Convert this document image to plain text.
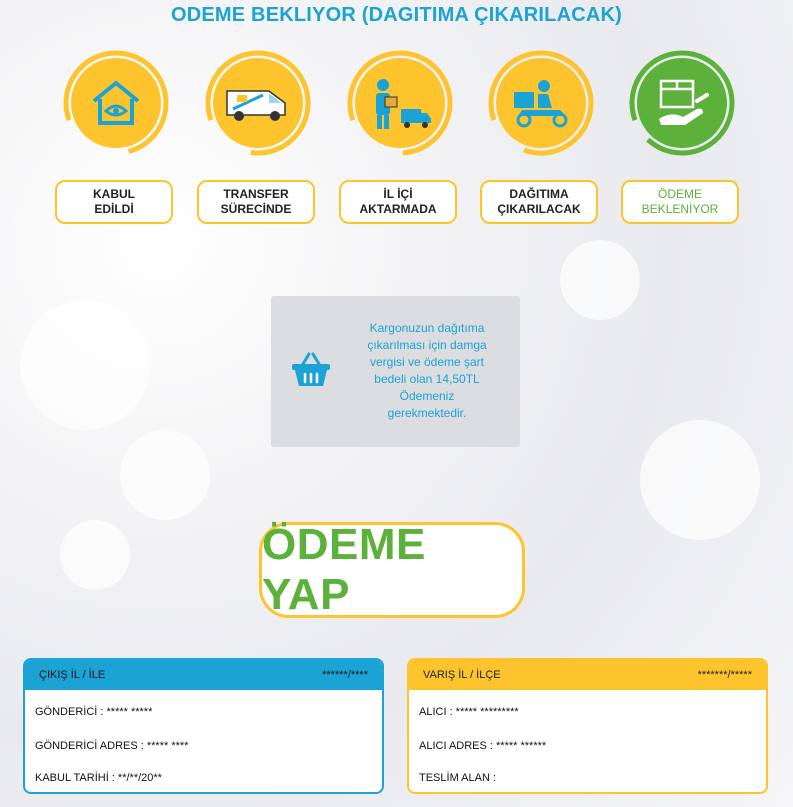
ODEME BEKLIYOR (DAGITIMA ÇIKARILACAK)
KABUL
EDİLDİ
TRANSFER
SÜRECİNDE
İL İÇİ
AKTARMADA
DAĞITIMA
ÇIKARILACAK
ÖDEME
BEKLENİYOR
Kargonuzun dağıtıma
çıkarılması için damga
vergisi ve ödeme şart
bedeli olan 14,50TL
Ödemeniz
gerekmektedir.
ÖDEME YAP
ÇIKIŞ İL / İLE	******/****
GÖNDERİCİ : ***** *****
GÖNDERİCİ ADRES : ***** ****
KABUL TARİHİ : **/**/20**
VARIŞ İL / İLÇE	*******/*****
ALICI : ***** *********
ALICI ADRES : ***** ******
TESLİM ALAN :
